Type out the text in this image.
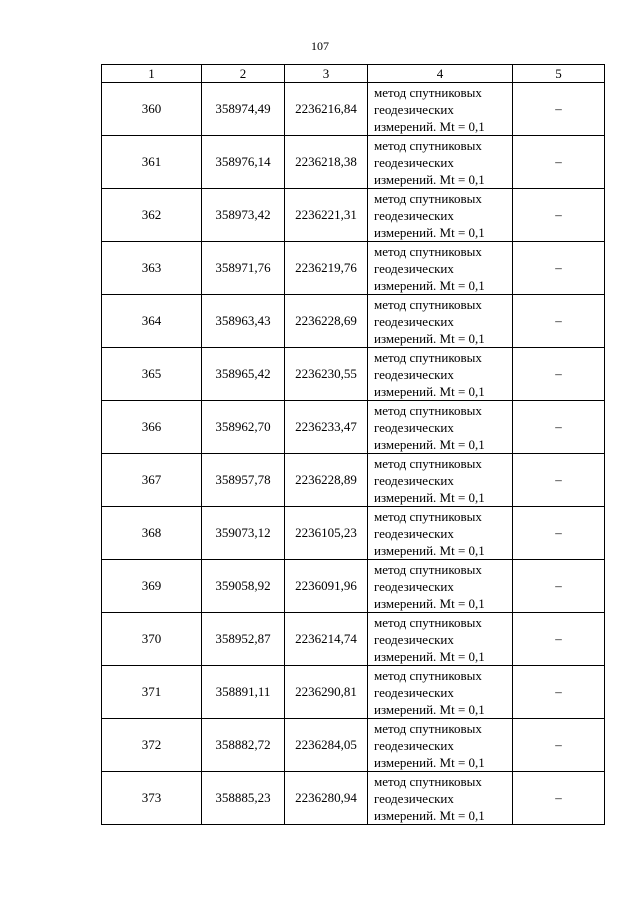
107
1	2	3	4	5
360	358974,49	2236216,84	метод спутниковых
геодезических
измерений. Mt = 0,1	–
361	358976,14	2236218,38	метод спутниковых
геодезических
измерений. Mt = 0,1	–
362	358973,42	2236221,31	метод спутниковых
геодезических
измерений. Mt = 0,1	–
363	358971,76	2236219,76	метод спутниковых
геодезических
измерений. Mt = 0,1	–
364	358963,43	2236228,69	метод спутниковых
геодезических
измерений. Mt = 0,1	–
365	358965,42	2236230,55	метод спутниковых
геодезических
измерений. Mt = 0,1	–
366	358962,70	2236233,47	метод спутниковых
геодезических
измерений. Mt = 0,1	–
367	358957,78	2236228,89	метод спутниковых
геодезических
измерений. Mt = 0,1	–
368	359073,12	2236105,23	метод спутниковых
геодезических
измерений. Mt = 0,1	–
369	359058,92	2236091,96	метод спутниковых
геодезических
измерений. Mt = 0,1	–
370	358952,87	2236214,74	метод спутниковых
геодезических
измерений. Mt = 0,1	–
371	358891,11	2236290,81	метод спутниковых
геодезических
измерений. Mt = 0,1	–
372	358882,72	2236284,05	метод спутниковых
геодезических
измерений. Mt = 0,1	–
373	358885,23	2236280,94	метод спутниковых
геодезических
измерений. Mt = 0,1	–
